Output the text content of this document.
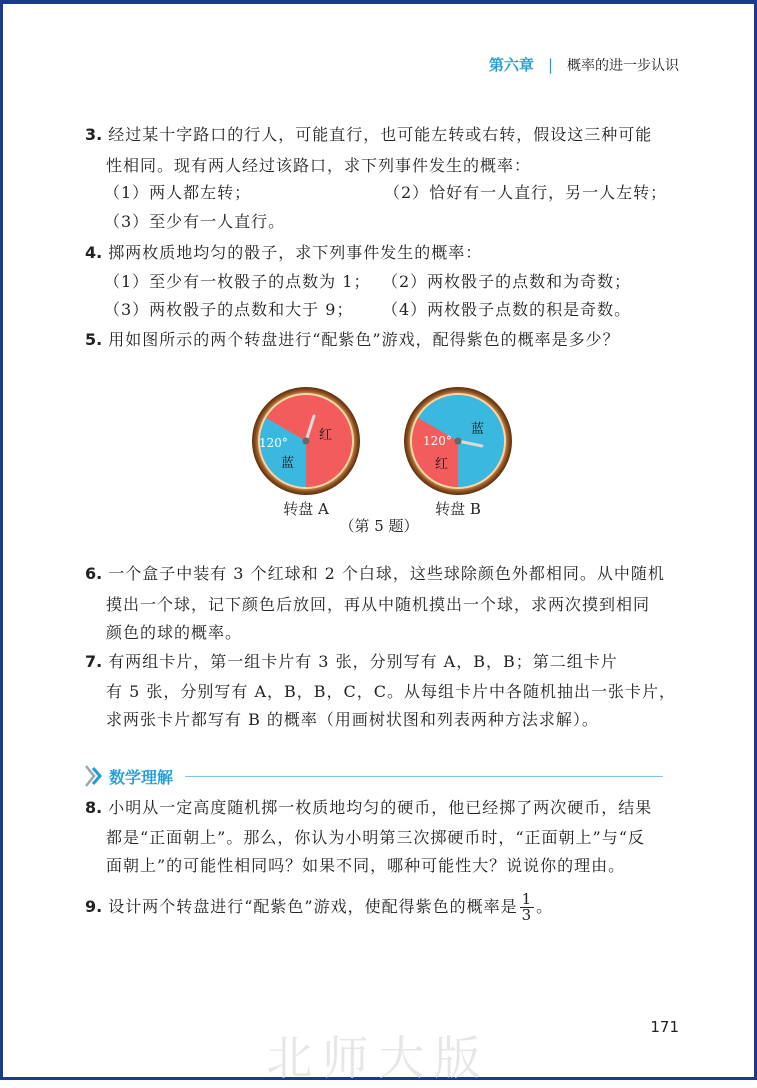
第六章 | 概率的进一步认识
3. 经过某十字路口的行人，可能直行，也可能左转或右转，假设这三种可能
性相同。现有两人经过该路口，求下列事件发生的概率：
（1）两人都左转；	（2）恰好有一人直行，另一人左转；
（3）至少有一人直行。
4. 掷两枚质地均匀的骰子，求下列事件发生的概率：
（1）至少有一枚骰子的点数为 1； （2）两枚骰子的点数和为奇数；
（3）两枚骰子的点数和大于 9； （4）两枚骰子点数的积是奇数。
5. 用如图所示的两个转盘进行“配紫色”游戏，配得紫色的概率是多少？
120° 红
蓝
转盘 A
120°
蓝
红
转盘 B
（第 5 题）
6. 一个盒子中装有 3 个红球和 2 个白球，这些球除颜色外都相同。从中随机
摸出一个球，记下颜色后放回，再从中随机摸出一个球，求两次摸到相同
颜色的球的概率。
7. 有两组卡片，第一组卡片有 3 张，分别写有 A，B，B；第二组卡片
有 5 张，分别写有 A，B，B，C，C。从每组卡片中各随机抽出一张卡片，
求两张卡片都写有 B 的概率（用画树状图和列表两种方法求解）。
数学理解
8. 小明从一定高度随机掷一枚质地均匀的硬币，他已经掷了两次硬币，结果
都是“正面朝上”。那么，你认为小明第三次掷硬币时，“正面朝上”与“反
面朝上”的可能性相同吗？如果不同，哪种可能性大？说说你的理由。
9. 设计两个转盘进行“配紫色”游戏，使配得紫色的概率是 $\frac{1}{3}$ 。
171
北师大版
